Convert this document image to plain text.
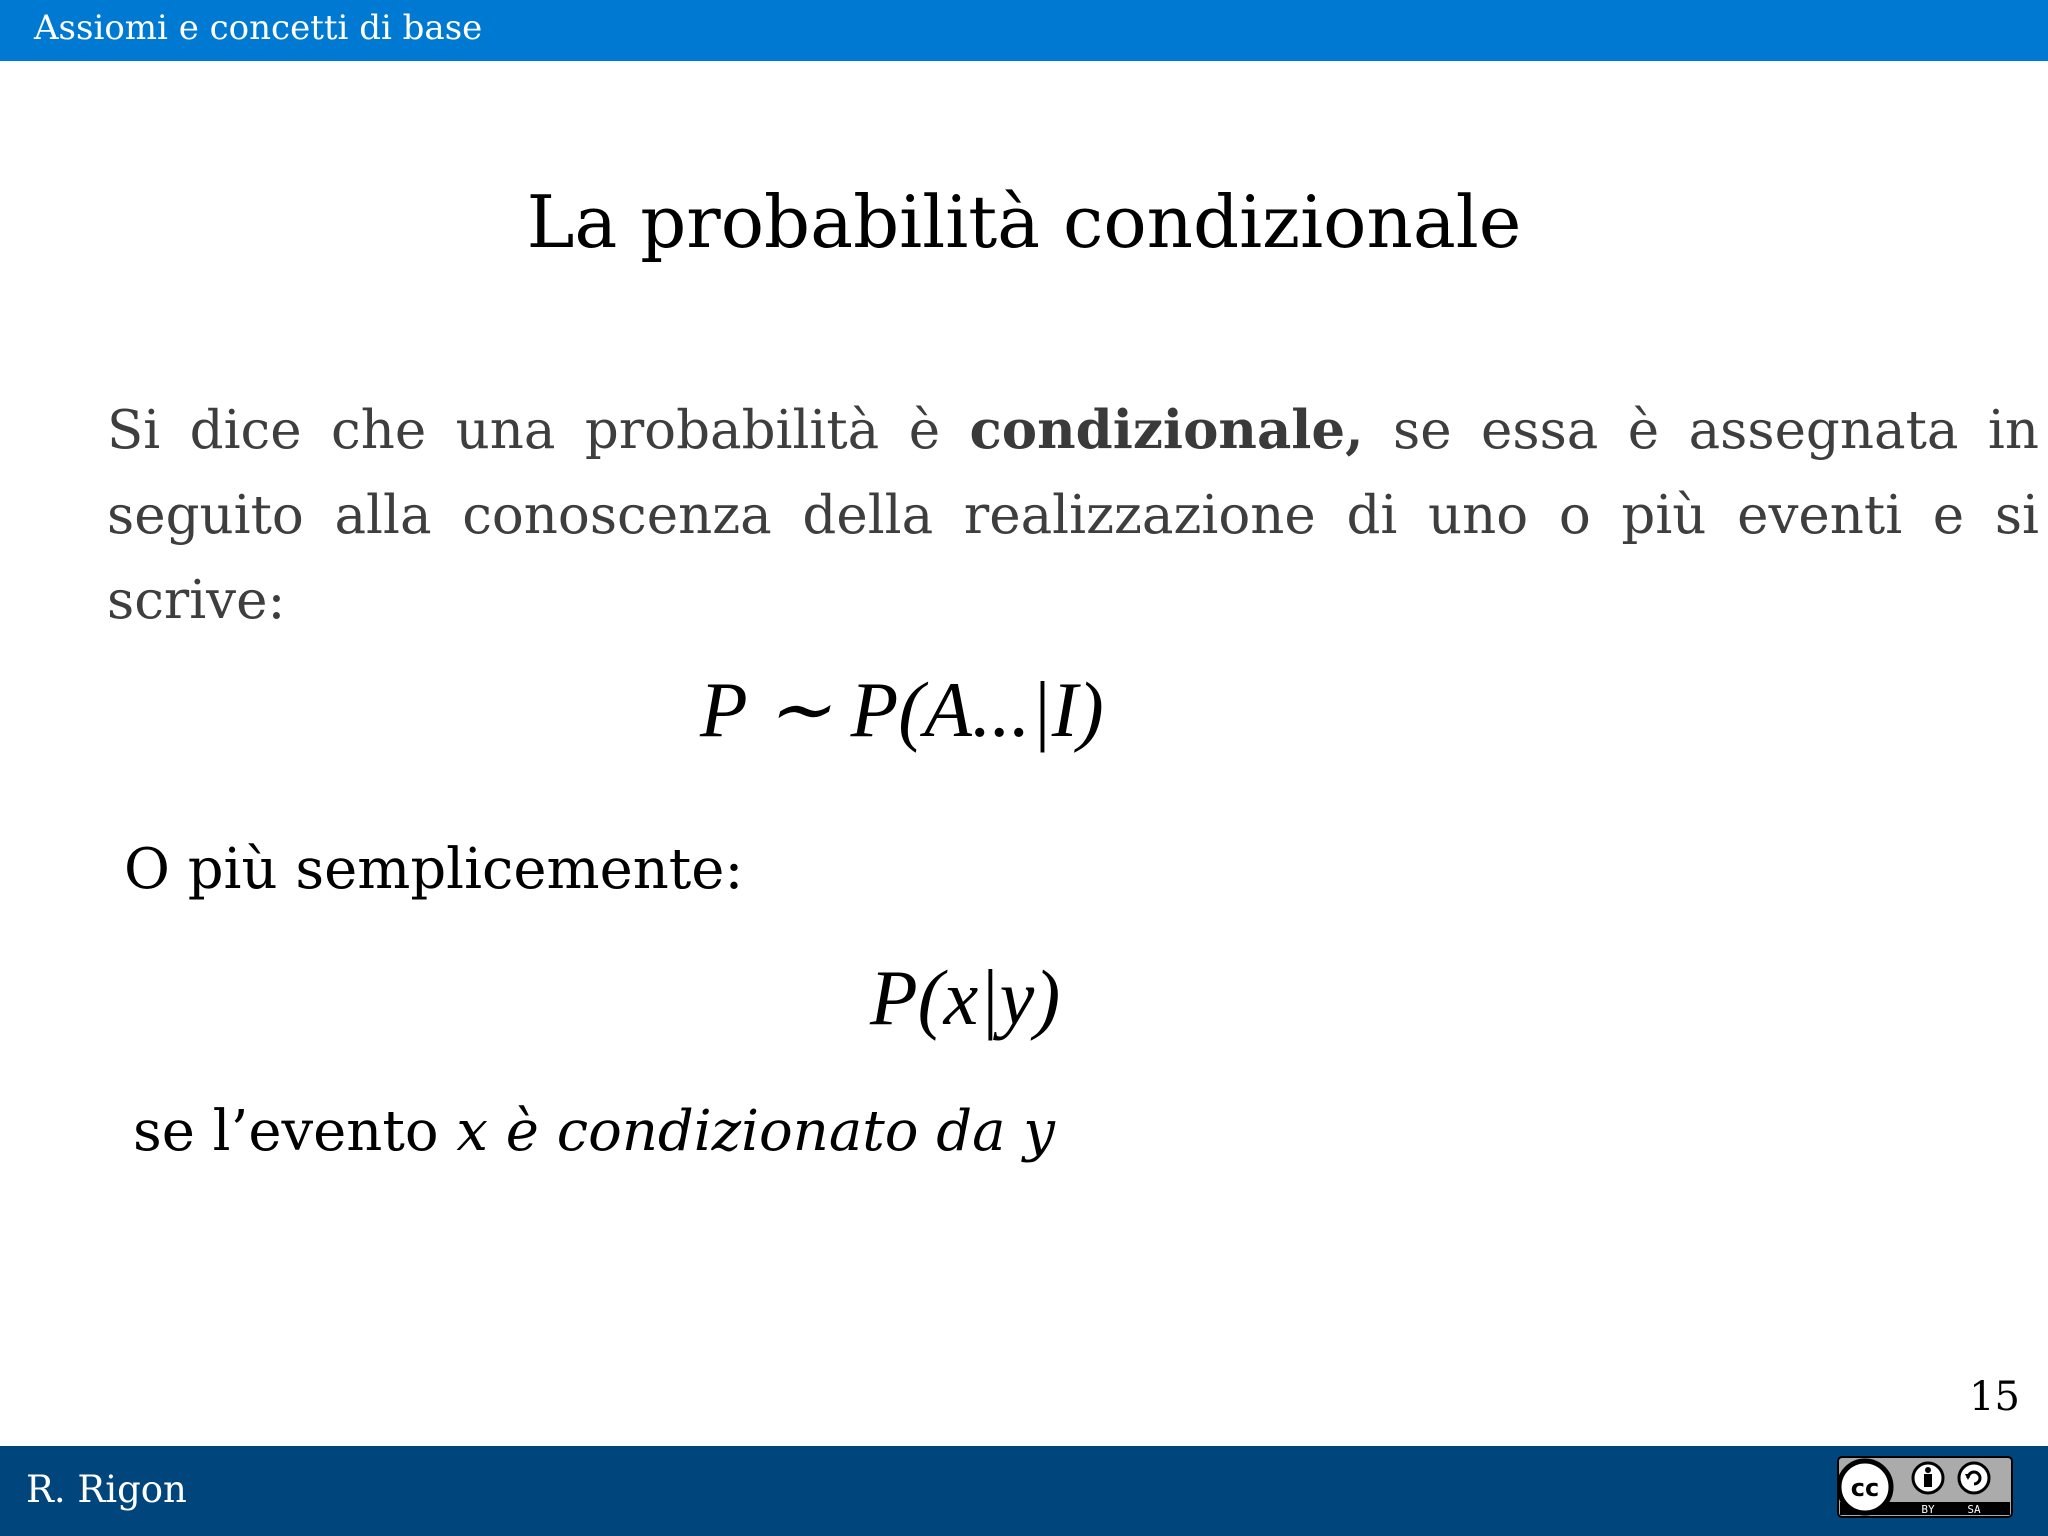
Assiomi e concetti di base
La probabilità condizionale
Si dice che una probabilità è condizionale, se essa è assegnata in seguito alla conoscenza della realizzazione di uno o più eventi e si scrive:
P ∼ P(A...|I)
O più semplicemente:
P(x|y)
se l’evento x è condizionato da y
15
R. Rigon	cc
BY	SA
